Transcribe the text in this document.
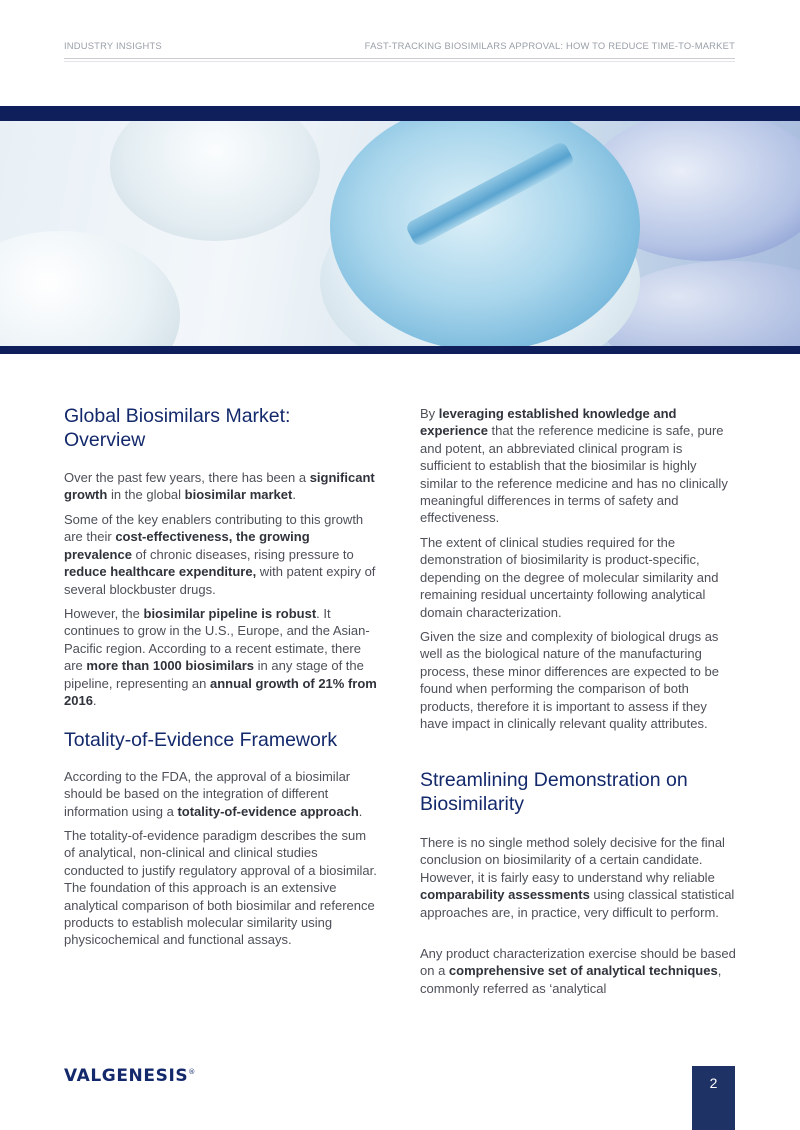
INDUSTRY INSIGHTS	FAST-TRACKING BIOSIMILARS APPROVAL: HOW TO REDUCE TIME-TO-MARKET
Global Biosimilars Market: Overview

Over the past few years, there has been a significant growth in the global biosimilar market.

Some of the key enablers contributing to this growth are their cost-effectiveness, the growing prevalence of chronic diseases, rising pressure to reduce healthcare expenditure, with patent expiry of several blockbuster drugs.

However, the biosimilar pipeline is robust. It continues to grow in the U.S., Europe, and the Asian-Pacific region. According to a recent estimate, there are more than 1000 biosimilars in any stage of the pipeline, representing an annual growth of 21% from 2016.

Totality-of-Evidence Framework

According to the FDA, the approval of a biosimilar should be based on the integration of different information using a totality-of-evidence approach.

The totality-of-evidence paradigm describes the sum of analytical, non-clinical and clinical studies conducted to justify regulatory approval of a biosimilar. The foundation of this approach is an extensive analytical comparison of both biosimilar and reference products to establish molecular similarity using physicochemical and functional assays.

By leveraging established knowledge and experience that the reference medicine is safe, pure and potent, an abbreviated clinical program is sufficient to establish that the biosimilar is highly similar to the reference medicine and has no clinically meaningful differences in terms of safety and effectiveness.

The extent of clinical studies required for the demonstration of biosimilarity is product-specific, depending on the degree of molecular similarity and remaining residual uncertainty following analytical domain characterization.

Given the size and complexity of biological drugs as well as the biological nature of the manufacturing process, these minor differences are expected to be found when performing the comparison of both products, therefore it is important to assess if they have impact in clinically relevant quality attributes.

Streamlining Demonstration on Biosimilarity

There is no single method solely decisive for the final conclusion on biosimilarity of a certain candidate. However, it is fairly easy to understand why reliable comparability assessments using classical statistical approaches are, in practice, very difficult to perform.

Any product characterization exercise should be based on a comprehensive set of analytical techniques, commonly referred as ‘analytical

VALGENESIS®
2
